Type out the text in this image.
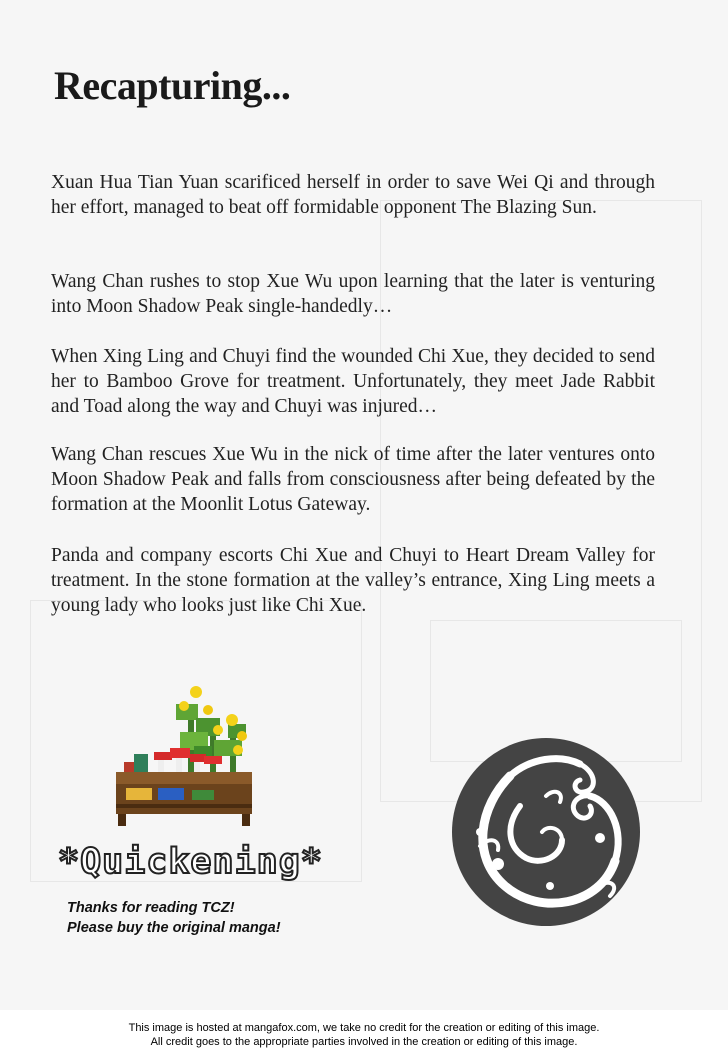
Recapturing...

Xuan Hua Tian Yuan scarificed herself in order to save Wei Qi and through her effort, managed to beat off formidable opponent The Blazing Sun.

Wang Chan rushes to stop Xue Wu upon learning that the later is venturing into Moon Shadow Peak single-handedly…

When Xing Ling and Chuyi find the wounded Chi Xue, they decided to send her to Bamboo Grove for treatment. Unfortunately, they meet Jade Rabbit and Toad along the way and Chuyi was injured…

Wang Chan rescues Xue Wu in the nick of time after the later ventures onto Moon Shadow Peak and falls from consciousness after being defeated by the formation at the Moonlit Lotus Gateway.

Panda and company escorts Chi Xue and Chuyi to Heart Dream Valley for treatment. In the stone formation at the valley’s entrance, Xing Ling meets a young lady who looks just like Chi Xue.

*Quickening*

Thanks for reading TCZ!
Please buy the original manga!

This image is hosted at mangafox.com, we take no credit for the creation or editing of this image.
All credit goes to the appropriate parties involved in the creation or editing of this image.
